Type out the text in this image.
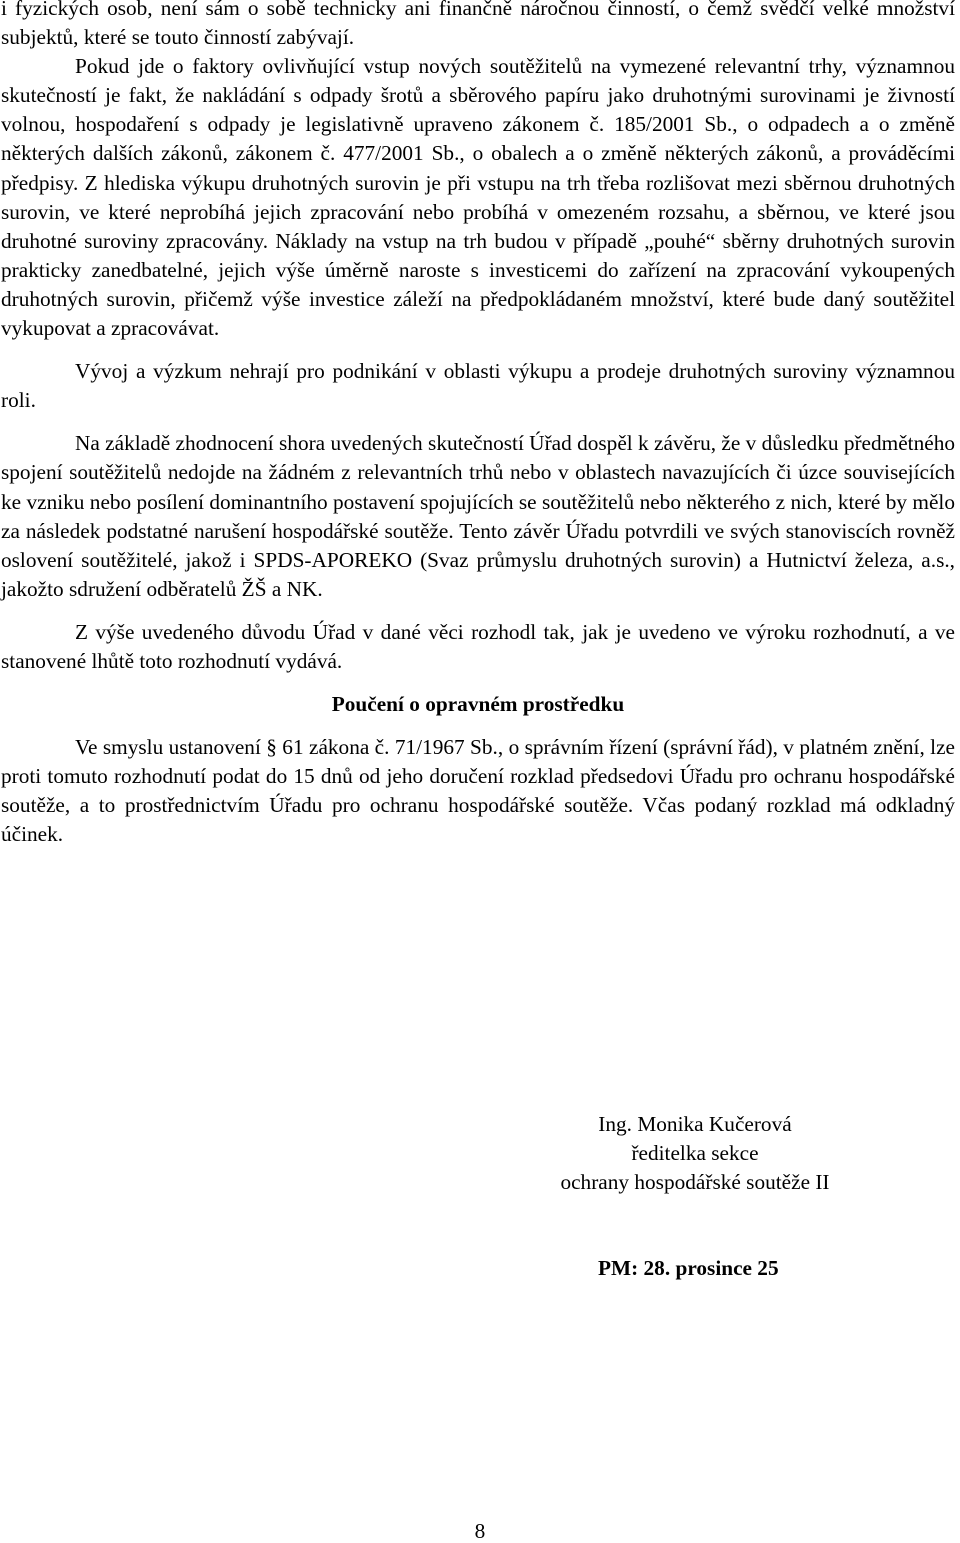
i fyzických osob, není sám o sobě technicky ani finančně náročnou činností, o čemž svědčí velké množství subjektů, které se touto činností zabývají.

Pokud jde o faktory ovlivňující vstup nových soutěžitelů na vymezené relevantní trhy, významnou skutečností je fakt, že nakládání s odpady šrotů a sběrového papíru jako druhotnými surovinami je živností volnou, hospodaření s odpady je legislativně upraveno zákonem č. 185/2001 Sb., o odpadech a o změně některých dalších zákonů, zákonem č. 477/2001 Sb., o obalech a o změně některých zákonů, a prováděcími předpisy. Z hlediska výkupu druhotných surovin je při vstupu na trh třeba rozlišovat mezi sběrnou druhotných surovin, ve které neprobíhá jejich zpracování nebo probíhá v omezeném rozsahu, a sběrnou, ve které jsou druhotné suroviny zpracovány. Náklady na vstup na trh budou v případě „pouhé“ sběrny druhotných surovin prakticky zanedbatelné, jejich výše úměrně naroste s investicemi do zařízení na zpracování vykoupených druhotných surovin, přičemž výše investice záleží na předpokládaném množství, které bude daný soutěžitel vykupovat a zpracovávat.

Vývoj a výzkum nehrají pro podnikání v oblasti výkupu a prodeje druhotných suroviny významnou roli.

Na základě zhodnocení shora uvedených skutečností Úřad dospěl k závěru, že v důsledku předmětného spojení soutěžitelů nedojde na žádném z relevantních trhů nebo v oblastech navazujících či úzce souvisejících ke vzniku nebo posílení dominantního postavení spojujících se soutěžitelů nebo některého z nich, které by mělo za následek podstatné narušení hospodářské soutěže. Tento závěr Úřadu potvrdili ve svých stanoviscích rovněž oslovení soutěžitelé, jakož i SPDS-APOREKO (Svaz průmyslu druhotných surovin) a Hutnictví železa, a.s., jakožto sdružení odběratelů ŽŠ a NK.

Z výše uvedeného důvodu Úřad v dané věci rozhodl tak, jak je uvedeno ve výroku rozhodnutí, a ve stanovené lhůtě toto rozhodnutí vydává.

Poučení o opravném prostředku

Ve smyslu ustanovení § 61 zákona č. 71/1967 Sb., o správním řízení (správní řád), v platném znění, lze proti tomuto rozhodnutí podat do 15 dnů od jeho doručení rozklad předsedovi Úřadu pro ochranu hospodářské soutěže, a to prostřednictvím Úřadu pro ochranu hospodářské soutěže. Včas podaný rozklad má odkladný účinek.

Ing. Monika Kučerová
ředitelka sekce
ochrany hospodářské soutěže II
PM: 28. prosince 25
8
